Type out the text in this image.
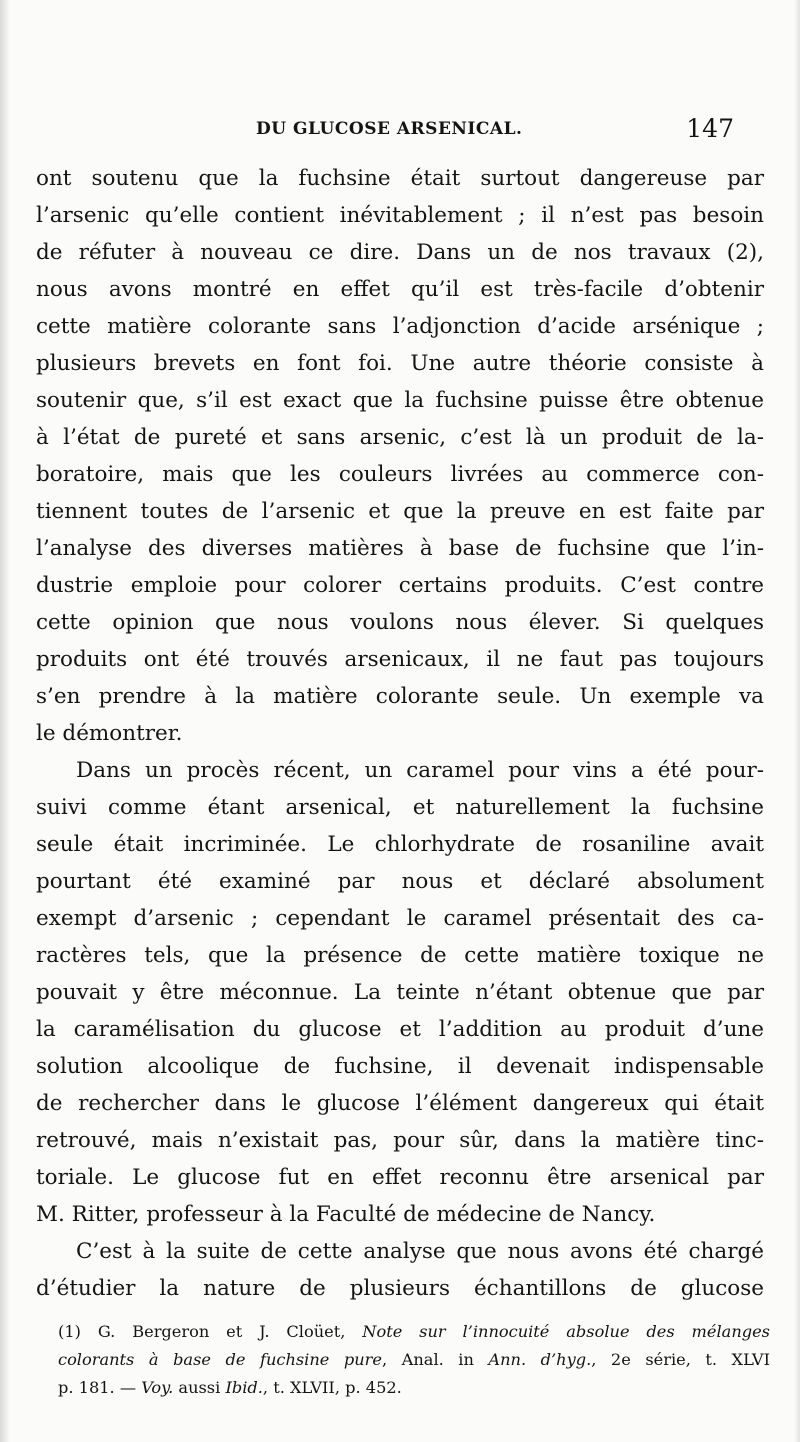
DU GLUCOSE ARSENICAL.	147
ont soutenu que la fuchsine était surtout dangereuse par
l’arsenic qu’elle contient inévitablement ; il n’est pas besoin
de réfuter à nouveau ce dire. Dans un de nos travaux (2),
nous avons montré en effet qu’il est très-facile d’obtenir
cette matière colorante sans l’adjonction d’acide arsénique ;
plusieurs brevets en font foi. Une autre théorie consiste à
soutenir que, s’il est exact que la fuchsine puisse être obtenue
à l’état de pureté et sans arsenic, c’est là un produit de la-
boratoire, mais que les couleurs livrées au commerce con-
tiennent toutes de l’arsenic et que la preuve en est faite par
l’analyse des diverses matières à base de fuchsine que l’in-
dustrie emploie pour colorer certains produits. C’est contre
cette opinion que nous voulons nous élever. Si quelques
produits ont été trouvés arsenicaux, il ne faut pas toujours
s’en prendre à la matière colorante seule. Un exemple va
le démontrer.
Dans un procès récent, un caramel pour vins a été pour-
suivi comme étant arsenical, et naturellement la fuchsine
seule était incriminée. Le chlorhydrate de rosaniline avait
pourtant été examiné par nous et déclaré absolument
exempt d’arsenic ; cependant le caramel présentait des ca-
ractères tels, que la présence de cette matière toxique ne
pouvait y être méconnue. La teinte n’étant obtenue que par
la caramélisation du glucose et l’addition au produit d’une
solution alcoolique de fuchsine, il devenait indispensable
de rechercher dans le glucose l’élément dangereux qui était
retrouvé, mais n’existait pas, pour sûr, dans la matière tinc-
toriale. Le glucose fut en effet reconnu être arsenical par
M. Ritter, professeur à la Faculté de médecine de Nancy.
C’est à la suite de cette analyse que nous avons été chargé
d’étudier la nature de plusieurs échantillons de glucose
(1) G. Bergeron et J. Cloüet, Note sur l’innocuité absolue des mélanges
colorants à base de fuchsine pure, Anal. in Ann. d’hyg., 2e série, t. XLVI
p. 181. — Voy. aussi Ibid., t. XLVII, p. 452.
